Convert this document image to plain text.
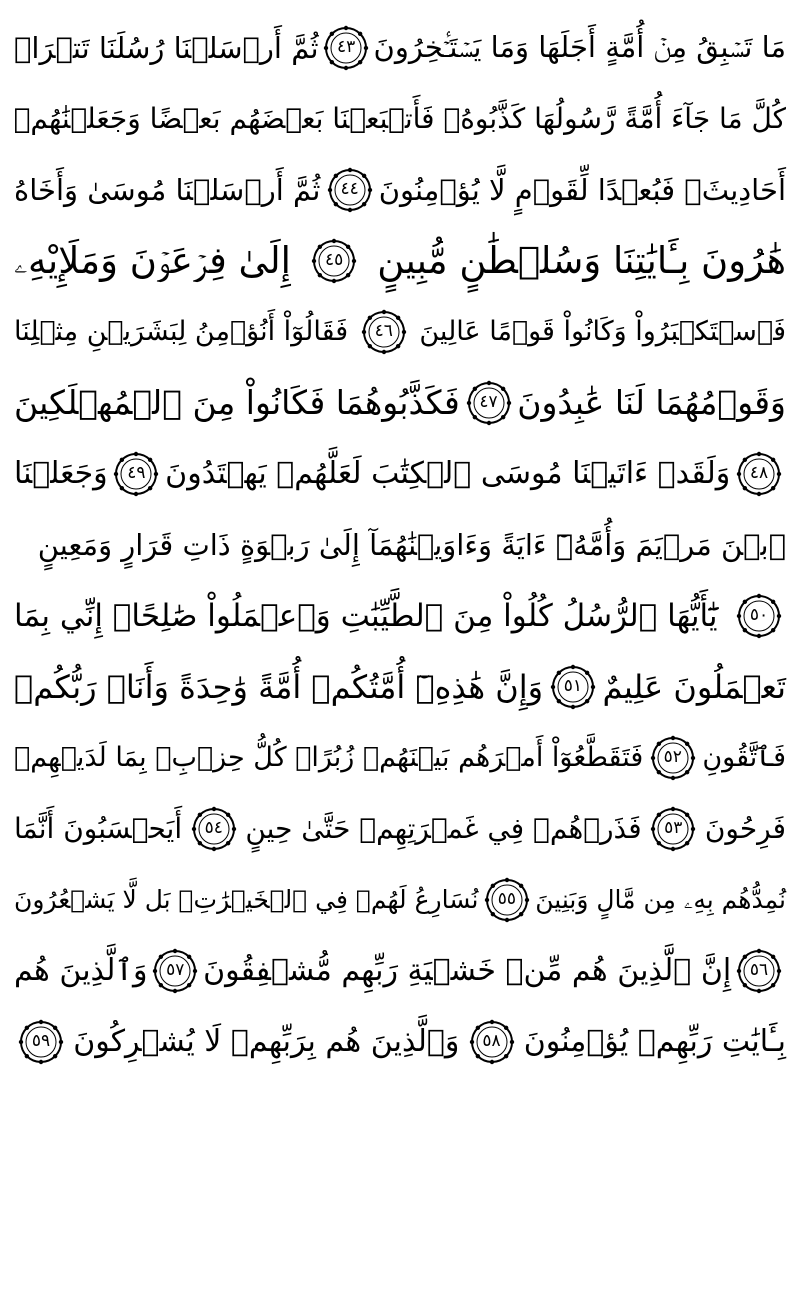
مَا تَسۡبِقُ مِنۡ أُمَّةٍ أَجَلَهَا وَمَا يَسۡتَـٔۡخِرُونَ
٤٣
ثُمَّ أَرۡسَلۡنَا رُسُلَنَا تَتۡرَاۖ
كُلَّ مَا جَآءَ أُمَّةً رَّسُولُهَا كَذَّبُوهُۚ فَأَتۡبَعۡنَا بَعۡضَهُم بَعۡضًا وَجَعَلۡنَٰهُمۡ
أَحَادِيثَۚ فَبُعۡدًا لِّقَوۡمٍ لَّا يُؤۡمِنُونَ
٤٤
ثُمَّ أَرۡسَلۡنَا مُوسَىٰ وَأَخَاهُ
هَٰرُونَ بِـَٔايَٰتِنَا وَسُلۡطَٰنٍ مُّبِينٍ
٤٥
إِلَىٰ فِرۡعَوۡنَ وَمَلَإِيْهِۦ
فَٱسۡتَكۡبَرُواْ وَكَانُواْ قَوۡمًا عَالِينَ
٤٦
فَقَالُوٓاْ أَنُؤۡمِنُ لِبَشَرَيۡنِ مِثۡلِنَا
وَقَوۡمُهُمَا لَنَا عَٰبِدُونَ
٤٧
فَكَذَّبُوهُمَا فَكَانُواْ مِنَ ٱلۡمُهۡلَكِينَ
٤٨
وَلَقَدۡ ءَاتَيۡنَا مُوسَى ٱلۡكِتَٰبَ لَعَلَّهُمۡ يَهۡتَدُونَ
٤٩
وَجَعَلۡنَا
ٱبۡنَ مَرۡيَمَ وَأُمَّهُۥٓ ءَايَةً وَءَاوَيۡنَٰهُمَآ إِلَىٰ رَبۡوَةٍ ذَاتِ قَرَارٍ وَمَعِينٍ
٥٠
يَٰٓأَيُّهَا ٱلرُّسُلُ كُلُواْ مِنَ ٱلطَّيِّبَٰتِ وَٱعۡمَلُواْ صَٰلِحًاۖ إِنِّي بِمَا
تَعۡمَلُونَ عَلِيمٌ
٥١
وَإِنَّ هَٰذِهِۦٓ أُمَّتُكُمۡ أُمَّةً وَٰحِدَةً وَأَنَا۠ رَبُّكُمۡ
فَٱتَّقُونِ
٥٢
فَتَقَطَّعُوٓاْ أَمۡرَهُم بَيۡنَهُمۡ زُبُرًاۖ كُلُّ حِزۡبِۭ بِمَا لَدَيۡهِمۡ
فَرِحُونَ
٥٣
فَذَرۡهُمۡ فِي غَمۡرَتِهِمۡ حَتَّىٰ حِينٍ
٥٤
أَيَحۡسَبُونَ أَنَّمَا
نُمِدُّهُم بِهِۦ مِن مَّالٍ وَبَنِينَ
٥٥
نُسَارِعُ لَهُمۡ فِي ٱلۡخَيۡرَٰتِۚ بَل لَّا يَشۡعُرُونَ
٥٦
إِنَّ ٱلَّذِينَ هُم مِّنۡ خَشۡيَةِ رَبِّهِم مُّشۡفِقُونَ
٥٧
وَٱلَّذِينَ هُم
بِـَٔايَٰتِ رَبِّهِمۡ يُؤۡمِنُونَ
٥٨
وَٱلَّذِينَ هُم بِرَبِّهِمۡ لَا يُشۡرِكُونَ
٥٩
